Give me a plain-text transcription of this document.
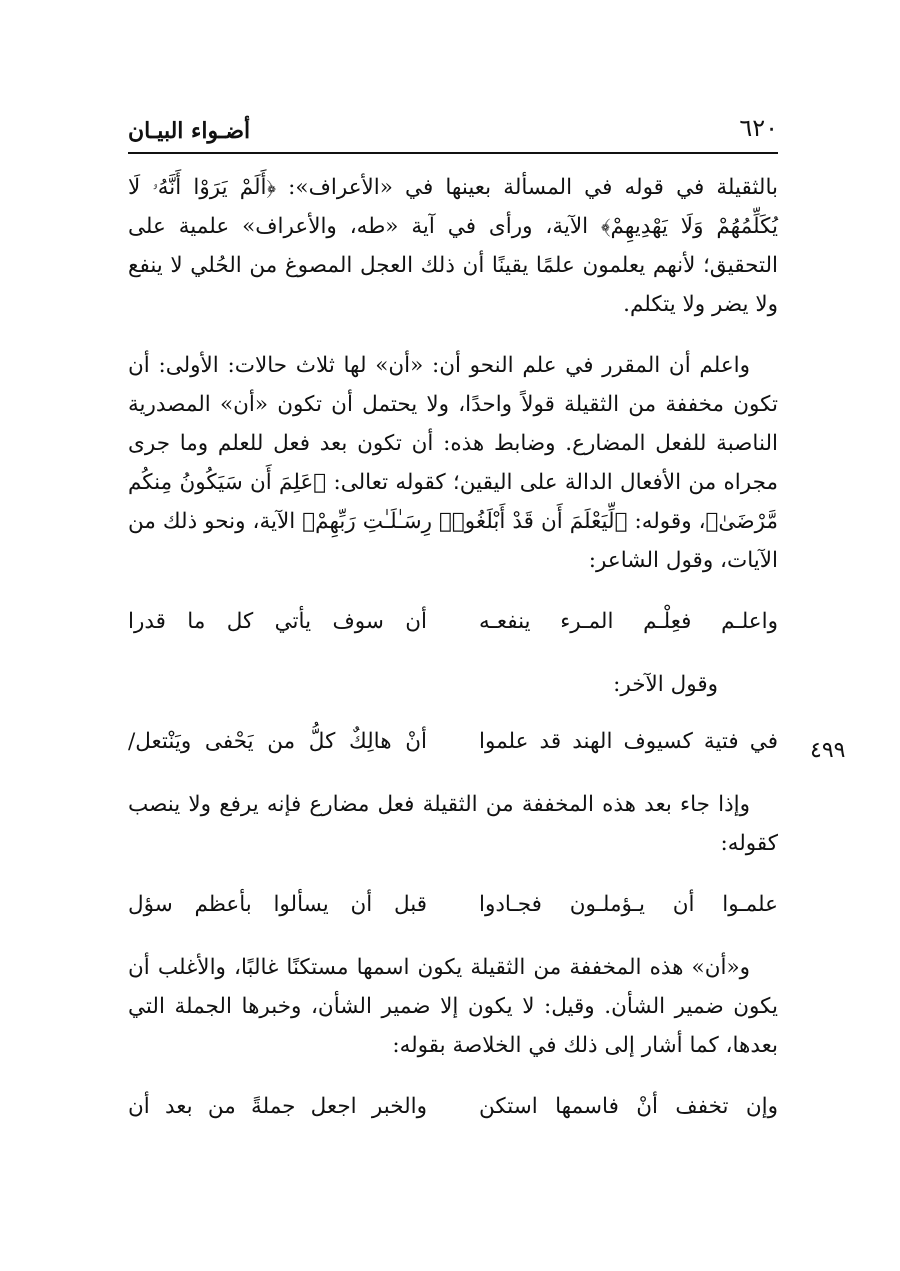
٦٢٠
أضـواء البيـان
٤٩٩

بالثقيلة في قوله في المسألة بعينها في «الأعراف»: ﴿أَلَمْ يَرَوْا أَنَّهُۥ لَا يُكَلِّمُهُمْ وَلَا يَهْدِيهِمْ﴾ الآية، ورأى في آية «طه، والأعراف» علمية على التحقيق؛ لأنهم يعلمون علمًا يقينًا أن ذلك العجل المصوغ من الحُلي لا ينفع ولا يضر ولا يتكلم.

واعلم أن المقرر في علم النحو أن: «أن» لها ثلاث حالات: الأولى: أن تكون مخففة من الثقيلة قولاً واحدًا، ولا يحتمل أن تكون «أن» المصدرية الناصبة للفعل المضارع. وضابط هذه: أن تكون بعد فعل للعلم وما جرى مجراه من الأفعال الدالة على اليقين؛ كقوله تعالى: ﴿عَلِمَ أَن سَيَكُونُ مِنكُم مَّرْضَىٰ﴾، وقوله: ﴿لِّيَعْلَمَ أَن قَدْ أَبْلَغُوا۟ رِسَـٰلَـٰتِ رَبِّهِمْ﴾ الآية، ونحو ذلك من الآيات، وقول الشاعر:

واعلـم فعِلْـم المـرء ينفعـه
أن سوف يأتي كل ما قدرا
وقول الآخر:
في فتية كسيوف الهند قد علموا
أنْ هالِكٌ كلُّ من يَحْفى ويَنْتعل/

وإذا جاء بعد هذه المخففة من الثقيلة فعل مضارع فإنه يرفع ولا ينصب كقوله:

علمـوا أن يـؤملـون فجـادوا
قبل أن يسألوا بأعظم سؤل

و«أن» هذه المخففة من الثقيلة يكون اسمها مستكنًا غالبًا، والأغلب أن يكون ضمير الشأن. وقيل: لا يكون إلا ضمير الشأن، وخبرها الجملة التي بعدها، كما أشار إلى ذلك في الخلاصة بقوله:

وإن تخفف أنْ فاسمها استكن
والخبر اجعل جملةً من بعد أن
